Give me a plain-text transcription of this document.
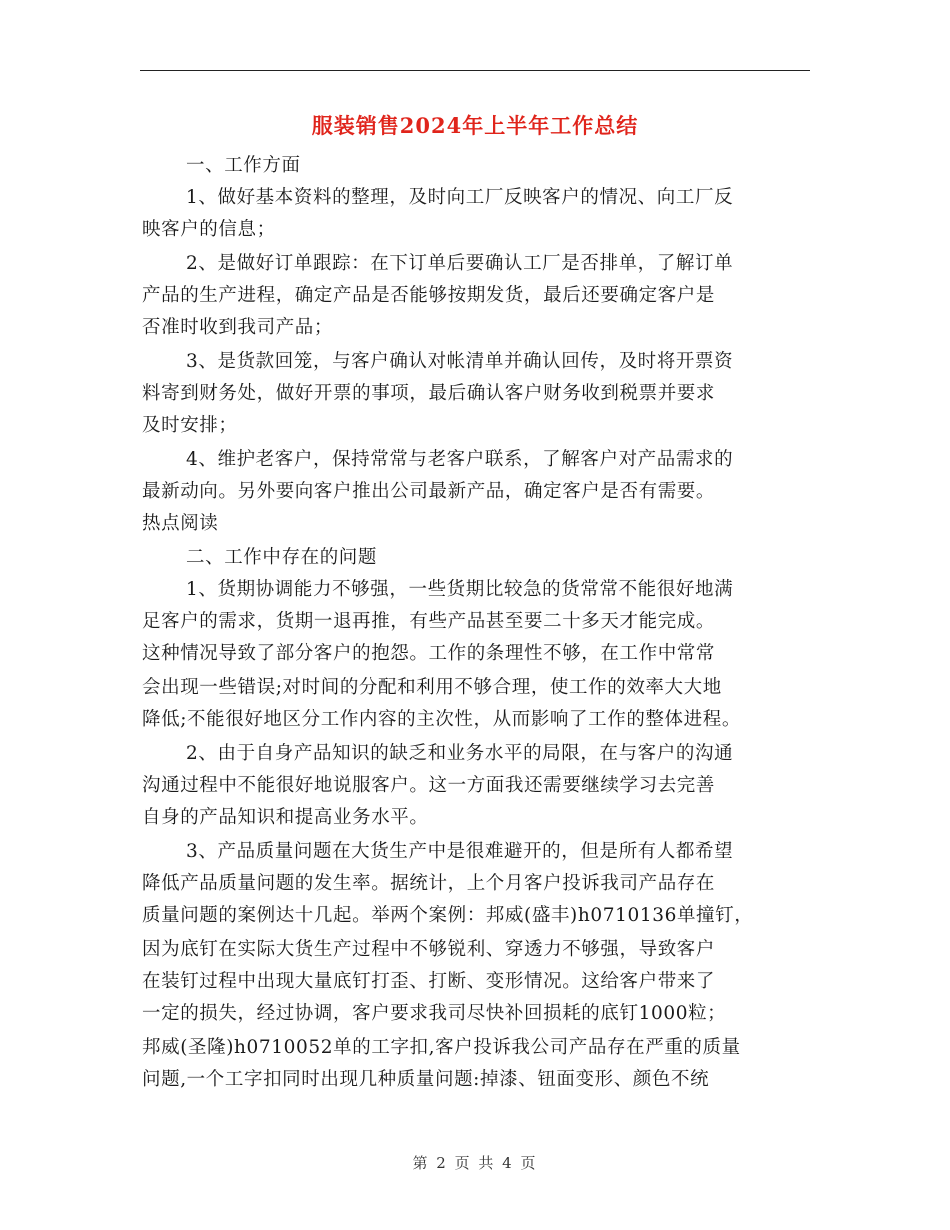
服装销售2024年上半年工作总结
一、工作方面
1、做好基本资料的整理，及时向工厂反映客户的情况、向工厂反
映客户的信息；
2、是做好订单跟踪：在下订单后要确认工厂是否排单，了解订单
产品的生产进程，确定产品是否能够按期发货，最后还要确定客户是
否准时收到我司产品；
3、是货款回笼，与客户确认对帐清单并确认回传，及时将开票资
料寄到财务处，做好开票的事项，最后确认客户财务收到税票并要求
及时安排；
4、维护老客户，保持常常与老客户联系，了解客户对产品需求的
最新动向。另外要向客户推出公司最新产品，确定客户是否有需要。
热点阅读
二、工作中存在的问题
1、货期协调能力不够强，一些货期比较急的货常常不能很好地满
足客户的需求，货期一退再推，有些产品甚至要二十多天才能完成。
这种情况导致了部分客户的抱怨。工作的条理性不够，在工作中常常
会出现一些错误;对时间的分配和利用不够合理，使工作的效率大大地
降低;不能很好地区分工作内容的主次性，从而影响了工作的整体进程。
2、由于自身产品知识的缺乏和业务水平的局限，在与客户的沟通
沟通过程中不能很好地说服客户。这一方面我还需要继续学习去完善
自身的产品知识和提高业务水平。
3、产品质量问题在大货生产中是很难避开的，但是所有人都希望
降低产品质量问题的发生率。据统计，上个月客户投诉我司产品存在
质量问题的案例达十几起。举两个案例：邦威(盛丰)h0710136单撞钉，
因为底钉在实际大货生产过程中不够锐利、穿透力不够强，导致客户
在装钉过程中出现大量底钉打歪、打断、变形情况。这给客户带来了
一定的损失，经过协调，客户要求我司尽快补回损耗的底钉1000粒；
邦威(圣隆)h0710052单的工字扣,客户投诉我公司产品存在严重的质量
问题,一个工字扣同时出现几种质量问题:掉漆、钮面变形、颜色不统
第 2 页 共 4 页
